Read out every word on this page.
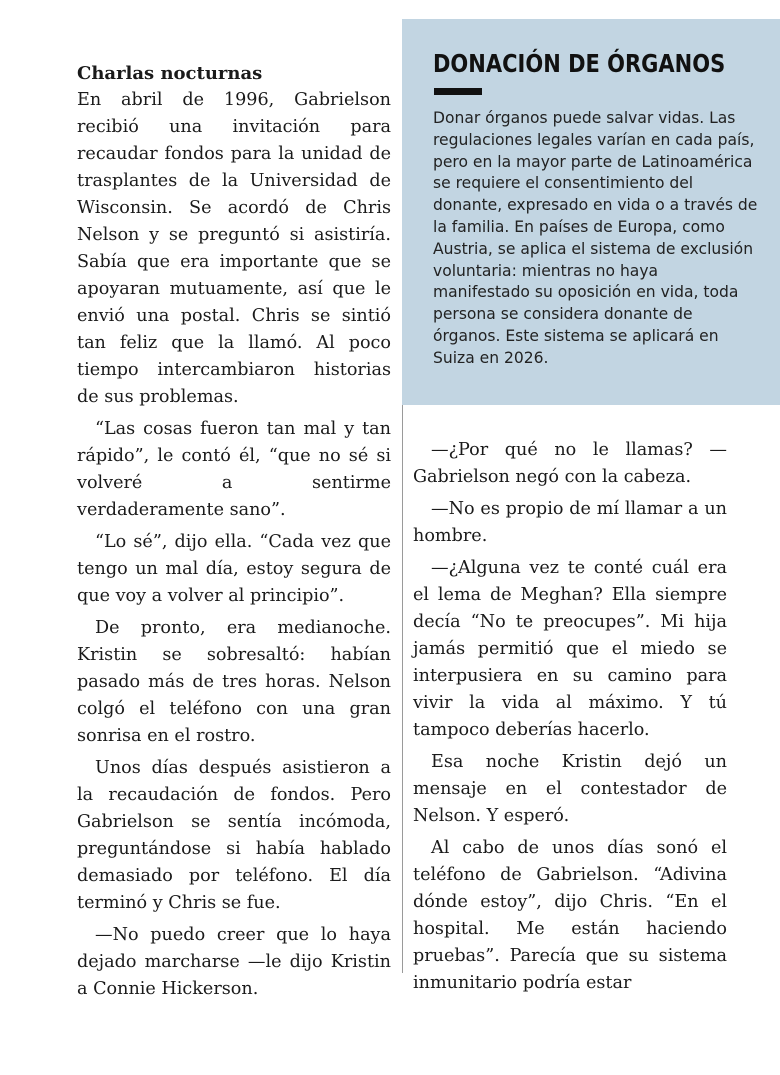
Charlas nocturnas

En abril de 1996, Gabrielson recibió una invitación para recaudar fondos para la unidad de trasplantes de la Universidad de Wisconsin. Se acordó de Chris Nelson y se preguntó si asistiría. Sabía que era importante que se apoyaran mutuamente, así que le envió una postal. Chris se sintió tan feliz que la llamó. Al poco tiempo intercambiaron historias de sus problemas.

“Las cosas fueron tan mal y tan rápido”, le contó él, “que no sé si volveré a sentirme verdaderamente sano”.

“Lo sé”, dijo ella. “Cada vez que tengo un mal día, estoy segura de que voy a volver al principio”.

De pronto, era medianoche. Kristin se sobresaltó: habían pasado más de tres horas. Nelson colgó el teléfono con una gran sonrisa en el rostro.

Unos días después asistieron a la recaudación de fondos. Pero Gabrielson se sentía incómoda, preguntándose si había hablado demasiado por teléfono. El día terminó y Chris se fue.

—No puedo creer que lo haya dejado marcharse —le dijo Kristin a Connie Hickerson.

DONACIÓN DE ÓRGANOS
Donar órganos puede salvar vidas. Las regulaciones legales varían en cada país, pero en la mayor parte de Latinoamérica se requiere el consentimiento del donante, expresado en vida o a través de la familia. En países de Europa, como Austria, se aplica el sistema de exclusión voluntaria: mientras no haya manifestado su oposición en vida, toda persona se considera donante de órganos. Este sistema se aplicará en Suiza en 2026.

—¿Por qué no le llamas? —Gabrielson negó con la cabeza.

—No es propio de mí llamar a un hombre.

—¿Alguna vez te conté cuál era el lema de Meghan? Ella siempre decía “No te preocupes”. Mi hija jamás permitió que el miedo se interpusiera en su camino para vivir la vida al máximo. Y tú tampoco deberías hacerlo.

Esa noche Kristin dejó un mensaje en el contestador de Nelson. Y esperó.

Al cabo de unos días sonó el teléfono de Gabrielson. “Adivina dónde estoy”, dijo Chris. “En el hospital. Me están haciendo pruebas”. Parecía que su sistema inmunitario podría estar
